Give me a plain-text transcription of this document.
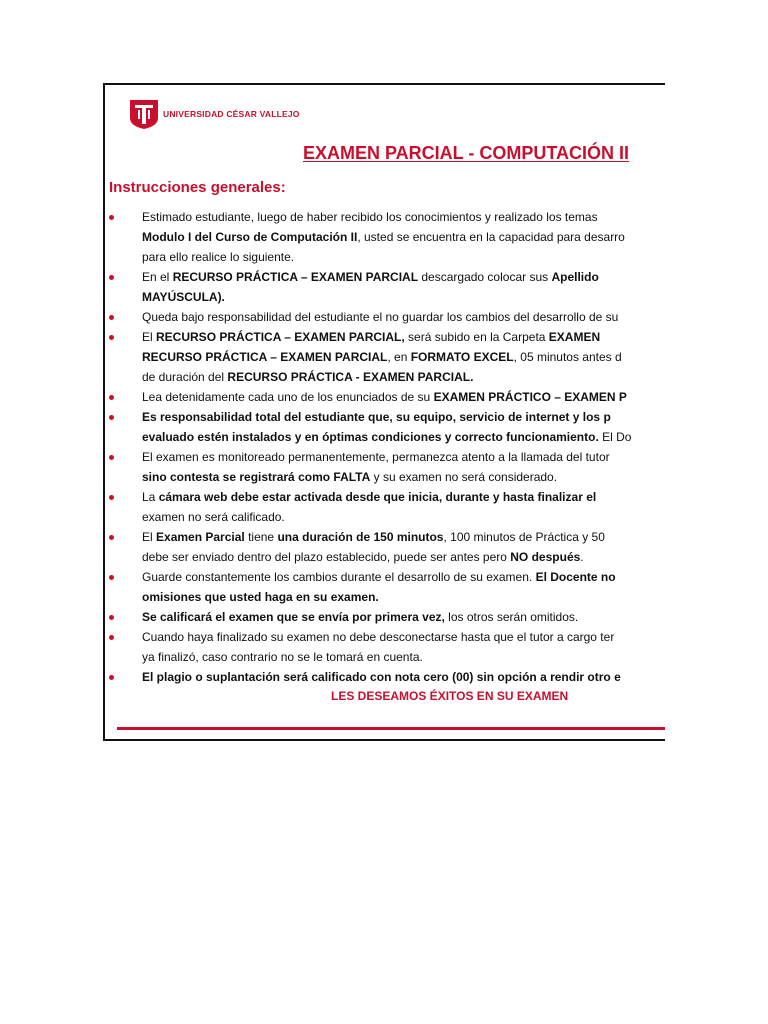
UNIVERSIDAD CÉSAR VALLEJO
EXAMEN PARCIAL - COMPUTACIÓN II
Instrucciones generales:
Estimado estudiante, luego de haber recibido los conocimientos y realizado los temas
Modulo I del Curso de Computación II, usted se encuentra en la capacidad para desarro
para ello realice lo siguiente.
En el RECURSO PRÁCTICA – EXAMEN PARCIAL descargado colocar sus Apellido
MAYÚSCULA).
Queda bajo responsabilidad del estudiante el no guardar los cambios del desarrollo de su
El RECURSO PRÁCTICA – EXAMEN PARCIAL, será subido en la Carpeta EXAMEN
RECURSO PRÁCTICA – EXAMEN PARCIAL, en FORMATO EXCEL, 05 minutos antes d
de duración del RECURSO PRÁCTICA - EXAMEN PARCIAL.
Lea detenidamente cada uno de los enunciados de su EXAMEN PRÁCTICO – EXAMEN P
Es responsabilidad total del estudiante que, su equipo, servicio de internet y los p
evaluado estén instalados y en óptimas condiciones y correcto funcionamiento. El Do
El examen es monitoreado permanentemente, permanezca atento a la llamada del tutor
sino contesta se registrará como FALTA y su examen no será considerado.
La cámara web debe estar activada desde que inicia, durante y hasta finalizar el
examen no será calificado.
El Examen Parcial tiene una duración de 150 minutos, 100 minutos de Práctica y 50
debe ser enviado dentro del plazo establecido, puede ser antes pero NO después.
Guarde constantemente los cambios durante el desarrollo de su examen. El Docente no
omisiones que usted haga en su examen.
Se calificará el examen que se envía por primera vez, los otros serán omitidos.
Cuando haya finalizado su examen no debe desconectarse hasta que el tutor a cargo ter
ya finalizó, caso contrario no se le tomará en cuenta.
El plagio o suplantación será calificado con nota cero (00) sin opción a rendir otro e
LES DESEAMOS ÉXITOS EN SU EXAMEN
